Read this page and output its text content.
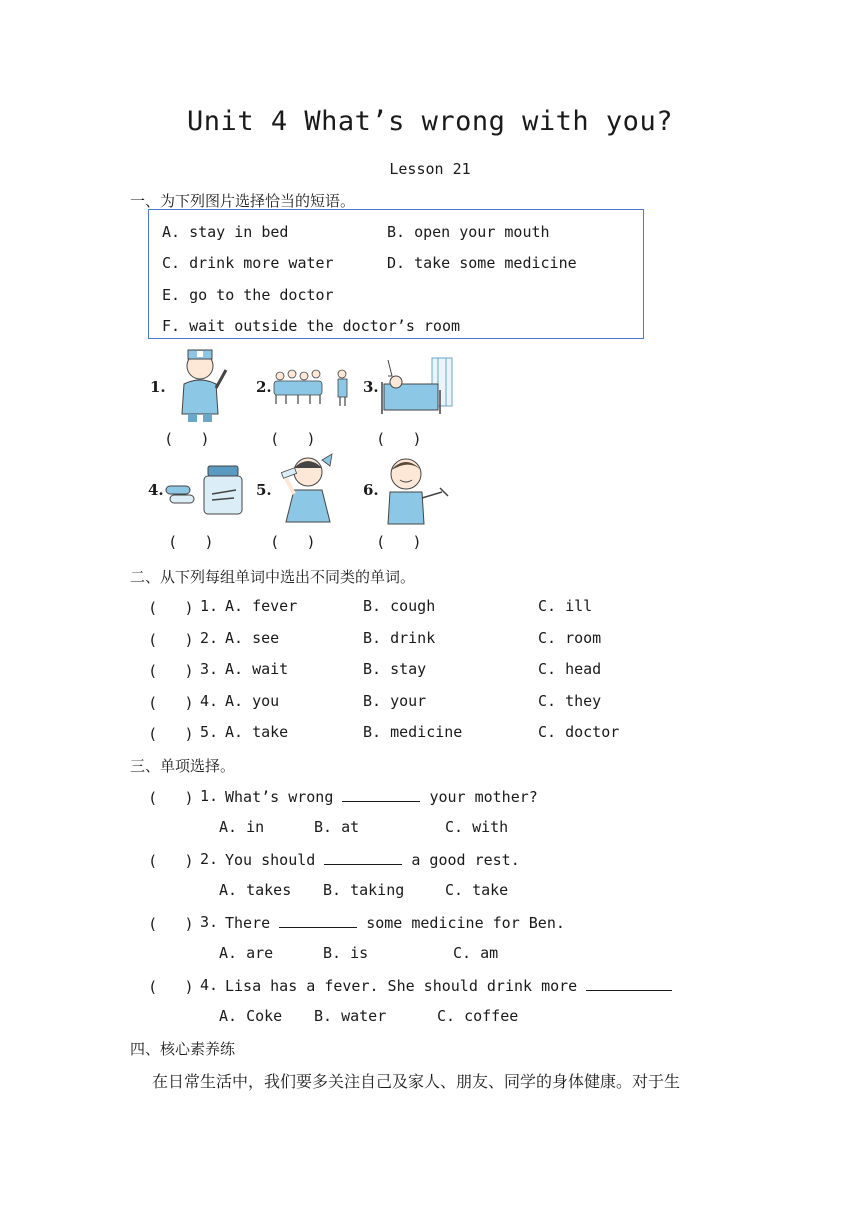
Unit 4 What’s wrong with you?
Lesson 21
一、为下列图片选择恰当的短语。
A. stay in bed	B. open your mouth
C. drink more water	D. take some medicine
E. go to the doctor
F. wait outside the doctor’s room
1.
(　　)
2.
(　　)
3.
(　　)
4.
(　　)
5.
(　　)
6.
(　　)
二、从下列每组单词中选出不同类的单词。
(　　) 1. A. fever	B. cough	C. ill
(　　) 2. A. see	B. drink	C. room
(　　) 3. A. wait	B. stay	C. head
(　　) 4. A. you	B. your	C. they
(　　) 5. A. take	B. medicine	C. doctor
三、单项选择。
(　　) 1. What’s wrong	your mother?
A. in	B. at	C. with
(　　) 2. You should	a good rest.
A. takes B. taking	C. take
(　　) 3. There	some medicine for Ben.
A. are	B. is	C. am
(　　) 4. Lisa has a fever. She should drink more
A. Coke B. water	C. coffee
四、核心素养练
在日常生活中，我们要多关注自己及家人、朋友、同学的身体健康。对于生
